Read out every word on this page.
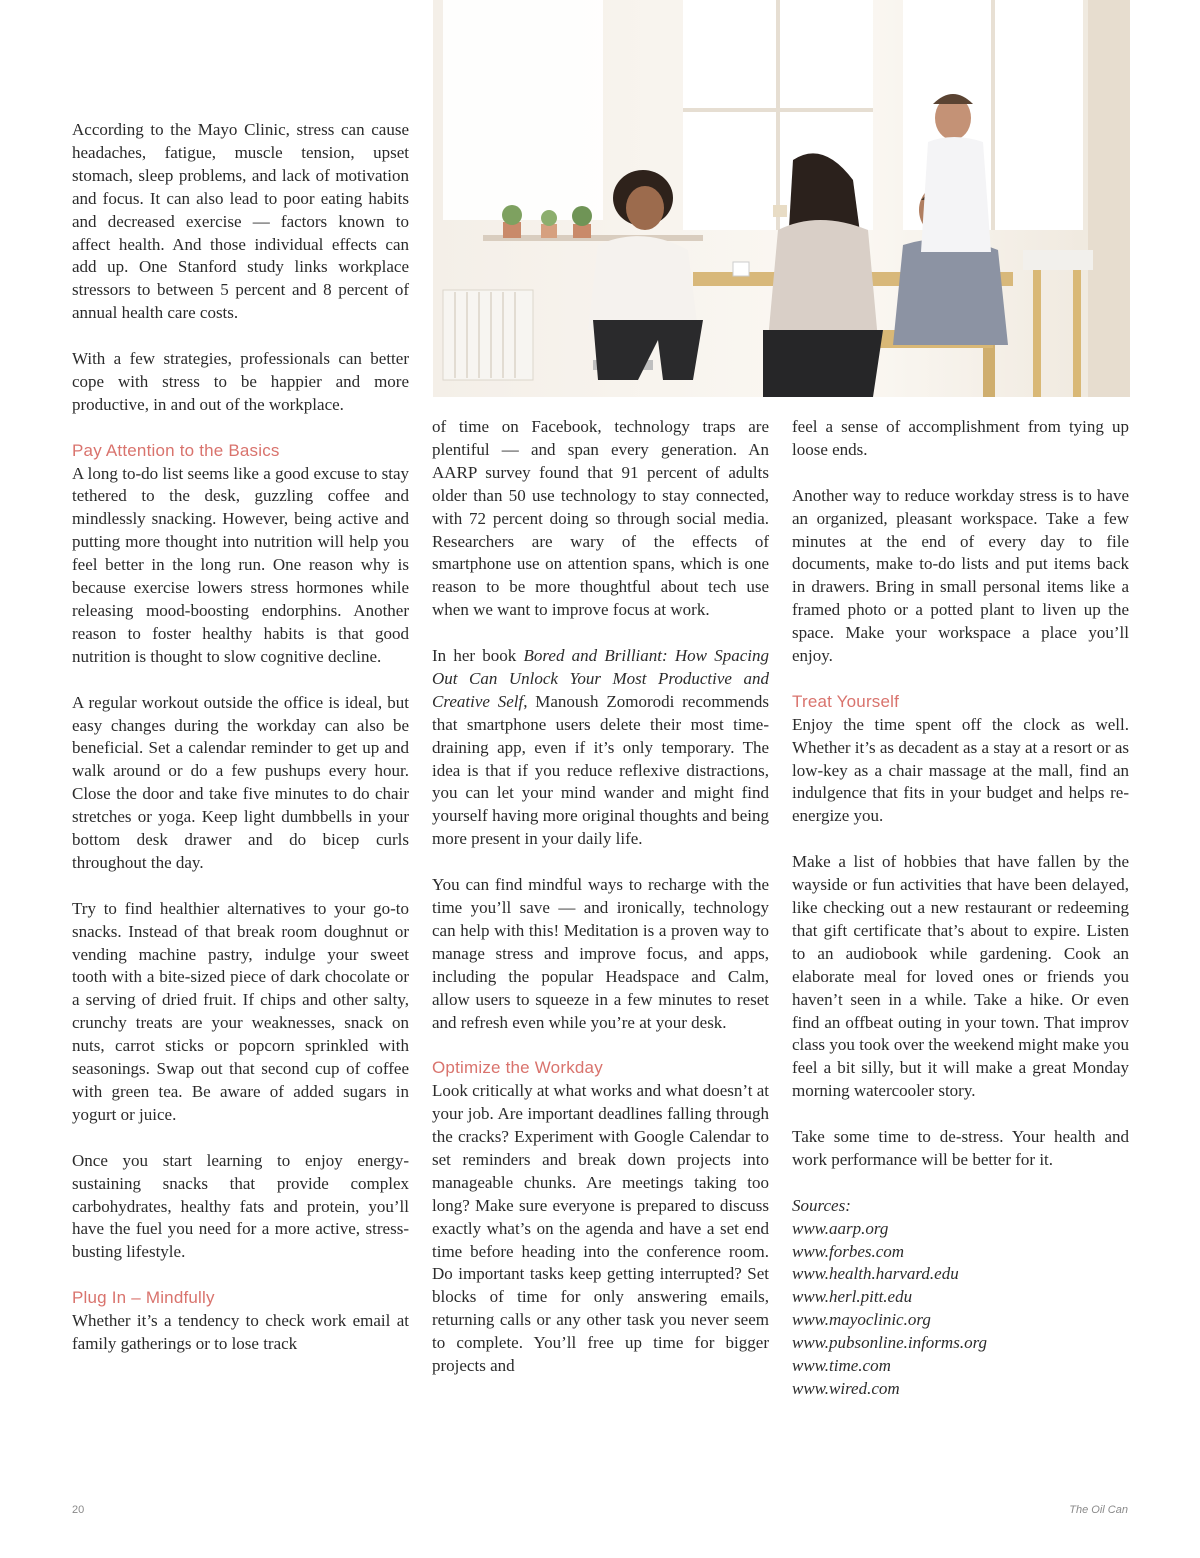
According to the Mayo Clinic, stress can cause headaches, fatigue, muscle tension, upset stomach, sleep problems, and lack of motivation and focus. It can also lead to poor eating habits and decreased exercise — factors known to affect health. And those individual effects can add up. One Stanford study links workplace stressors to between 5 percent and 8 percent of annual health care costs.

With a few strategies, professionals can better cope with stress to be happier and more productive, in and out of the workplace.

Pay Attention to the Basics

A long to-do list seems like a good excuse to stay tethered to the desk, guzzling coffee and mindlessly snacking. However, being active and putting more thought into nutrition will help you feel better in the long run. One reason why is because exercise lowers stress hormones while releasing mood-boosting endorphins. Another reason to foster healthy habits is that good nutrition is thought to slow cognitive decline.

A regular workout outside the office is ideal, but easy changes during the workday can also be beneficial. Set a calendar reminder to get up and walk around or do a few pushups every hour. Close the door and take five minutes to do chair stretches or yoga. Keep light dumbbells in your bottom desk drawer and do bicep curls throughout the day.

Try to find healthier alternatives to your go-to snacks. Instead of that break room doughnut or vending machine pastry, indulge your sweet tooth with a bite-sized piece of dark chocolate or a serving of dried fruit. If chips and other salty, crunchy treats are your weaknesses, snack on nuts, carrot sticks or popcorn sprinkled with seasonings. Swap out that second cup of coffee with green tea. Be aware of added sugars in yogurt or juice.

Once you start learning to enjoy energy-sustaining snacks that provide complex carbohydrates, healthy fats and protein, you’ll have the fuel you need for a more active, stress-busting lifestyle.

Plug In – Mindfully

Whether it’s a tendency to check work email at family gatherings or to lose track

of time on Facebook, technology traps are plentiful — and span every generation. An AARP survey found that 91 percent of adults older than 50 use technology to stay connected, with 72 percent doing so through social media. Researchers are wary of the effects of smartphone use on attention spans, which is one reason to be more thoughtful about tech use when we want to improve focus at work.

In her book Bored and Brilliant: How Spacing Out Can Unlock Your Most Productive and Creative Self, Manoush Zomorodi recommends that smartphone users delete their most time-draining app, even if it’s only temporary. The idea is that if you reduce reflexive distractions, you can let your mind wander and might find yourself having more original thoughts and being more present in your daily life.

You can find mindful ways to recharge with the time you’ll save — and ironically, technology can help with this! Meditation is a proven way to manage stress and improve focus, and apps, including the popular Headspace and Calm, allow users to squeeze in a few minutes to reset and refresh even while you’re at your desk.

Optimize the Workday

Look critically at what works and what doesn’t at your job. Are important deadlines falling through the cracks? Experiment with Google Calendar to set reminders and break down projects into manageable chunks. Are meetings taking too long? Make sure everyone is prepared to discuss exactly what’s on the agenda and have a set end time before heading into the conference room. Do important tasks keep getting interrupted? Set blocks of time for only answering emails, returning calls or any other task you never seem to complete. You’ll free up time for bigger projects and

feel a sense of accomplishment from tying up loose ends.

Another way to reduce workday stress is to have an organized, pleasant workspace. Take a few minutes at the end of every day to file documents, make to-do lists and put items back in drawers. Bring in small personal items like a framed photo or a potted plant to liven up the space. Make your workspace a place you’ll enjoy.

Treat Yourself

Enjoy the time spent off the clock as well. Whether it’s as decadent as a stay at a resort or as low-key as a chair massage at the mall, find an indulgence that fits in your budget and helps re-energize you.

Make a list of hobbies that have fallen by the wayside or fun activities that have been delayed, like checking out a new restaurant or redeeming that gift certificate that’s about to expire. Listen to an audiobook while gardening. Cook an elaborate meal for loved ones or friends you haven’t seen in a while. Take a hike. Or even find an offbeat outing in your town. That improv class you took over the weekend might make you feel a bit silly, but it will make a great Monday morning watercooler story.

Take some time to de-stress. Your health and work performance will be better for it.

Sources:

www.aarp.org

www.forbes.com

www.health.harvard.edu

www.herl.pitt.edu

www.mayoclinic.org

www.pubsonline.informs.org

www.time.com

www.wired.com

20	The Oil Can
